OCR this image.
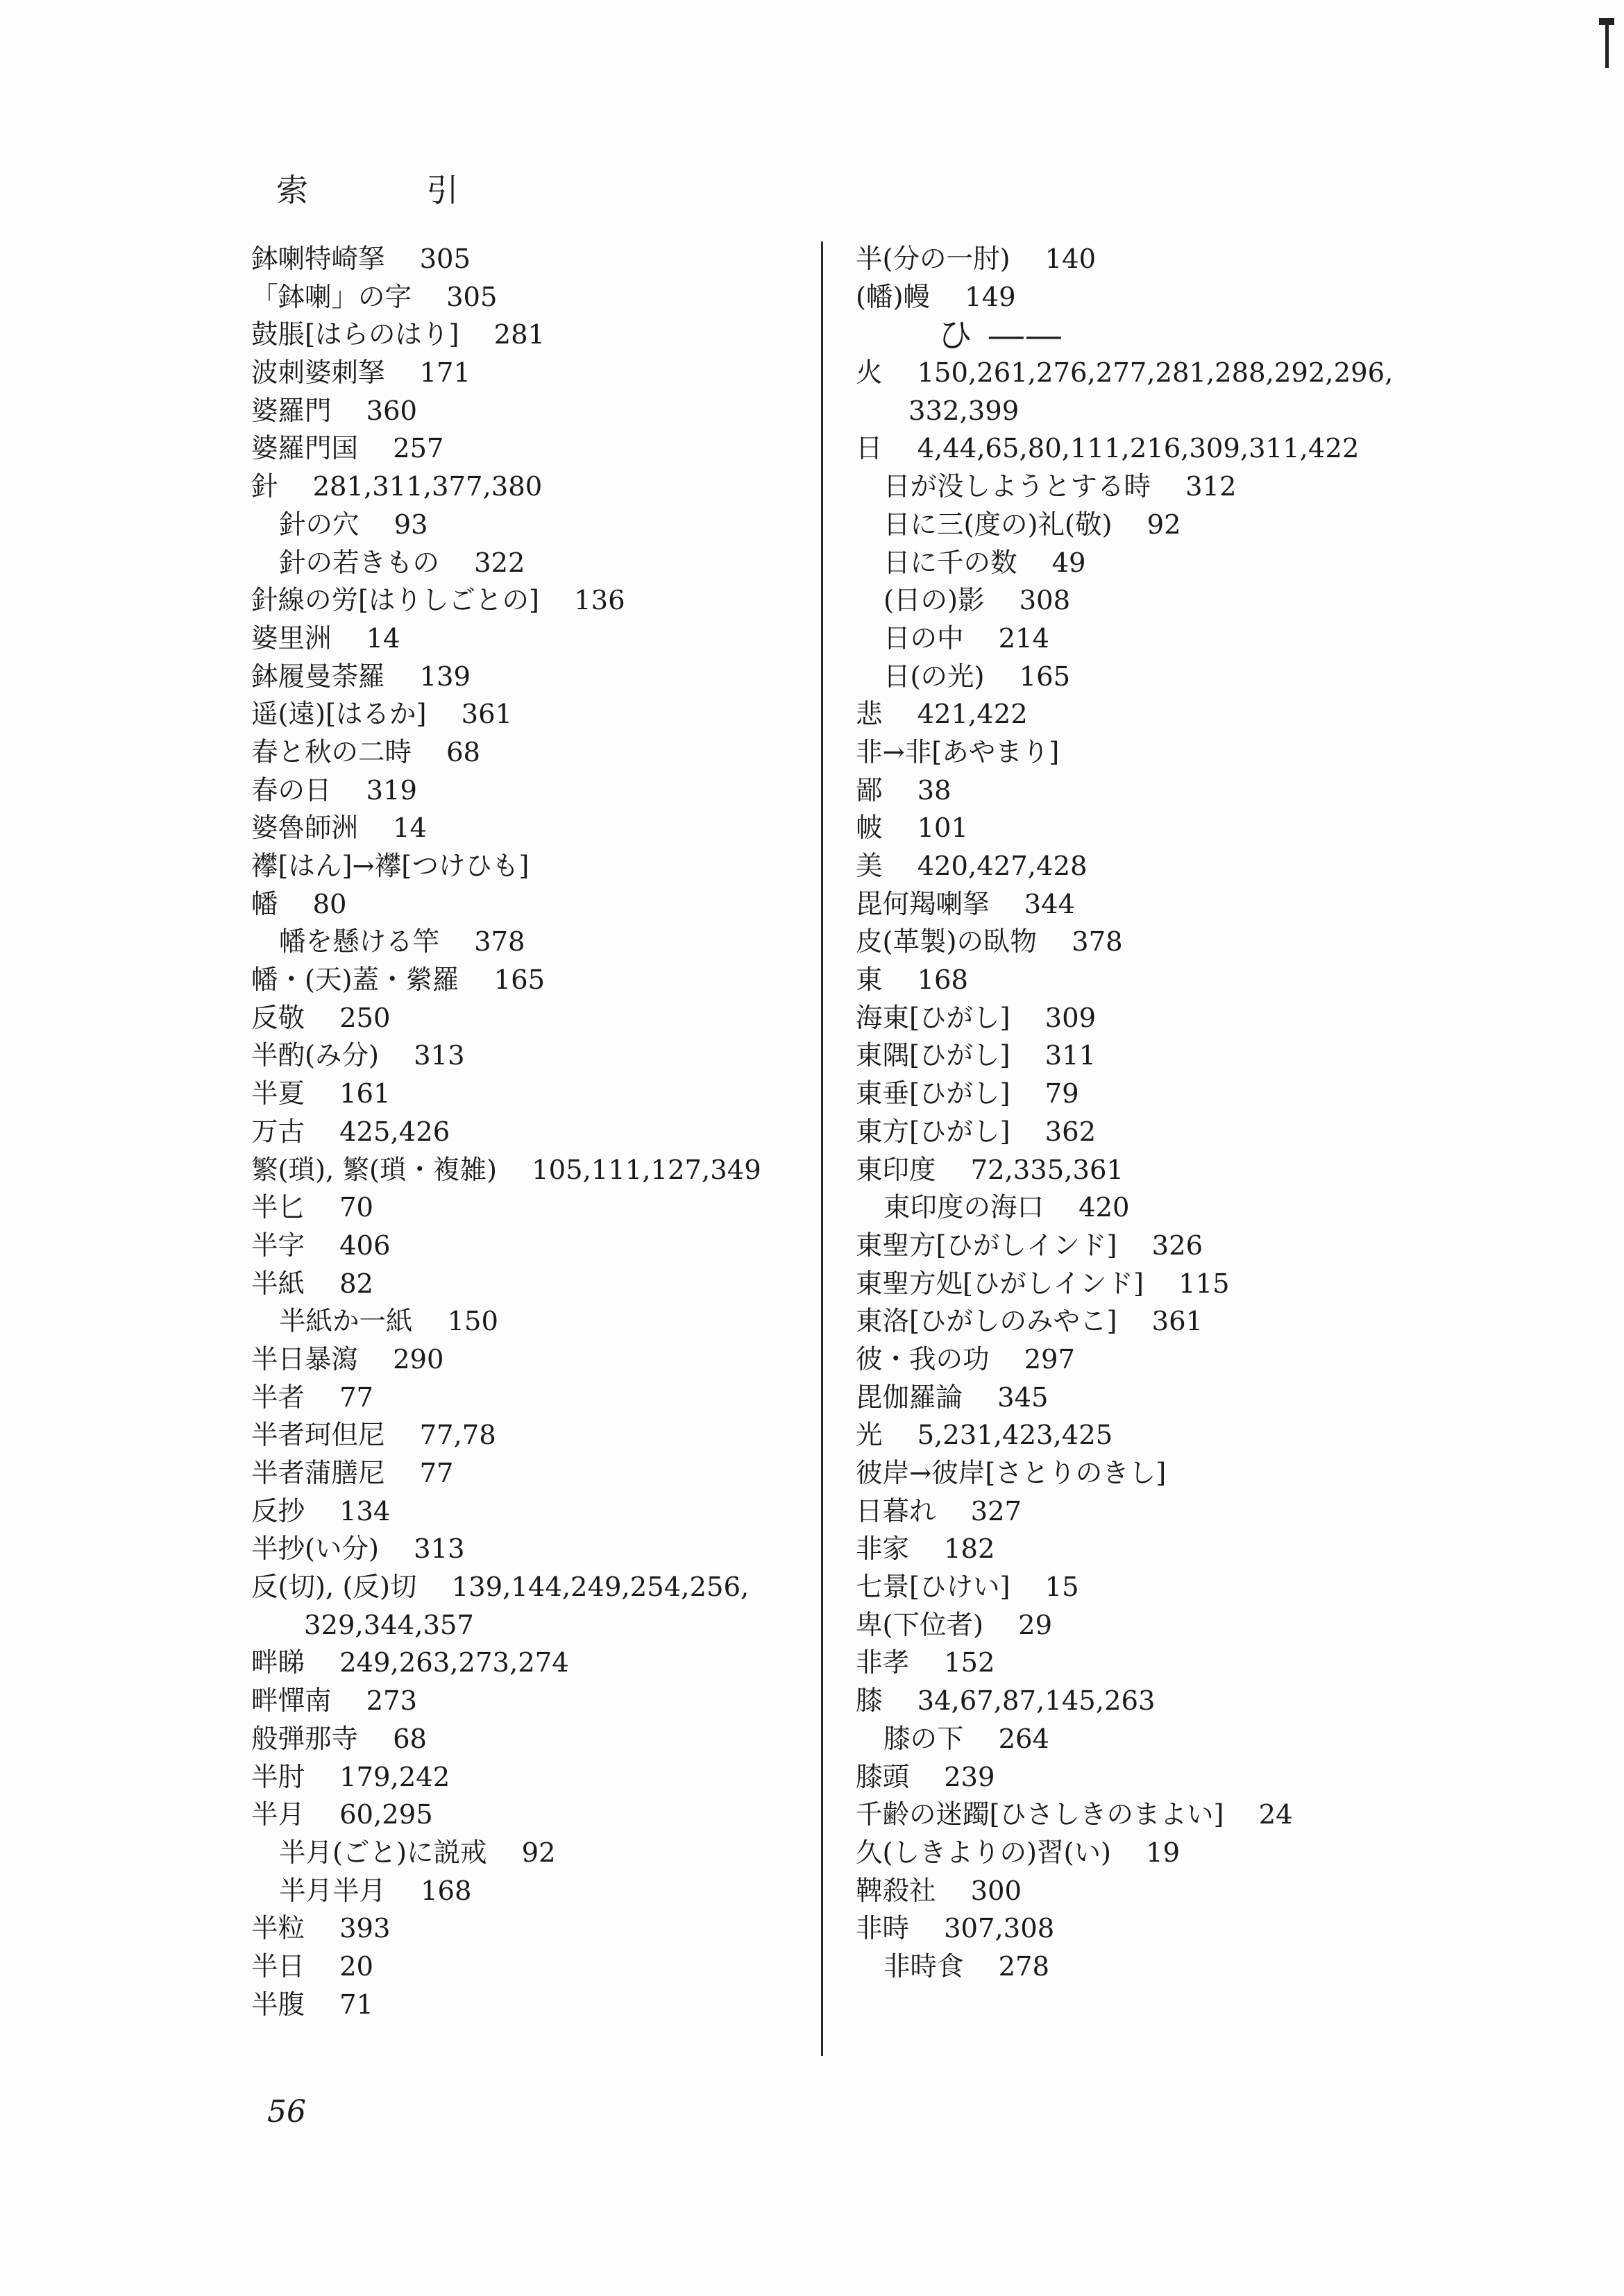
索 引
鉢喇特崎拏 305
「鉢喇」の字 305
鼓脹[はらのはり] 281
波刺婆刺拏 171
婆羅門 360
婆羅門国 257
針 281,311,377,380
針の穴 93
針の若きもの 322
針線の労[はりしごとの] 136
婆里洲 14
鉢履曼荼羅 139
遥(遠)[はるか] 361
春と秋の二時 68
春の日 319
婆魯師洲 14
襻[はん]→襻[つけひも]
幡 80
幡を懸ける竿 378
幡・(天)蓋・縈羅 165
反敬 250
半酌(み分) 313
半夏 161
万古 425,426
繁(瑣), 繁(瑣・複雑) 105,111,127,349
半匕 70
半字 406
半紙 82
半紙か一紙 150
半日暴瀉 290
半者 77
半者珂但尼 77,78
半者蒲膳尼 77
反抄 134
半抄(い分) 313
反(切), (反)切 139,144,249,254,256,
329,344,357
畔睇 249,263,273,274
畔憚南 273
般弾那寺 68
半肘 179,242
半月 60,295
半月(ごと)に説戒 92
半月半月 168
半粒 393
半日 20
半腹 71
半(分の一肘) 140
(幡)幔 149
ひ ――
火 150,261,276,277,281,288,292,296,
332,399
日 4,44,65,80,111,216,309,311,422
日が没しようとする時 312
日に三(度の)礼(敬) 92
日に千の数 49
(日の)影 308
日の中 214
日(の光) 165
悲 421,422
非→非[あやまり]
鄙 38
帔 101
美 420,427,428
毘何羯喇拏 344
皮(革製)の臥物 378
東 168
海東[ひがし] 309
東隅[ひがし] 311
東垂[ひがし] 79
東方[ひがし] 362
東印度 72,335,361
東印度の海口 420
東聖方[ひがしインド] 326
東聖方処[ひがしインド] 115
東洛[ひがしのみやこ] 361
彼・我の功 297
毘伽羅論 345
光 5,231,423,425
彼岸→彼岸[さとりのきし]
日暮れ 327
非家 182
七景[ひけい] 15
卑(下位者) 29
非孝 152
膝 34,67,87,145,263
膝の下 264
膝頭 239
千齢の迷躅[ひさしきのまよい] 24
久(しきよりの)習(い) 19
鞞殺社 300
非時 307,308
非時食 278
56
